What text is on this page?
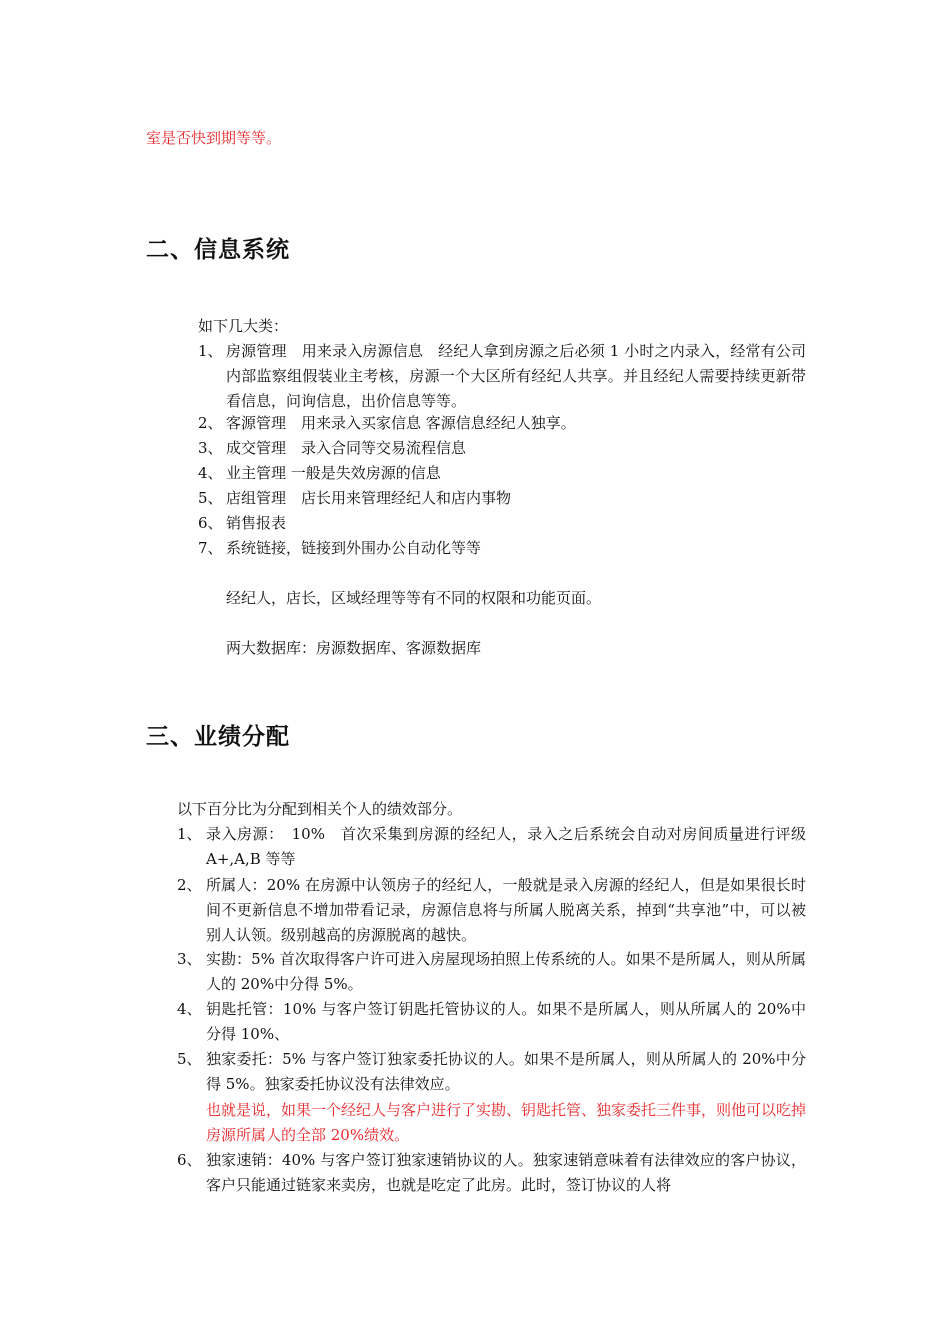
室是否快到期等等。
二、信息系统
如下几大类：
1、 房源管理　用来录入房源信息　经纪人拿到房源之后必须 1 小时之内录入，经常有公司内部监察组假装业主考核，房源一个大区所有经纪人共享。并且经纪人需要持续更新带看信息，问询信息，出价信息等等。
2、 客源管理　用来录入买家信息 客源信息经纪人独享。
3、 成交管理　录入合同等交易流程信息
4、 业主管理 一般是失效房源的信息
5、 店组管理　店长用来管理经纪人和店内事物
6、 销售报表
7、 系统链接，链接到外围办公自动化等等
经纪人，店长，区域经理等等有不同的权限和功能页面。
两大数据库：房源数据库、客源数据库
三、业绩分配
以下百分比为分配到相关个人的绩效部分。
1、 录入房源：　10%　首次采集到房源的经纪人，录入之后系统会自动对房间质量进行评级　A+,A,B 等等
2、 所属人：20% 在房源中认领房子的经纪人，一般就是录入房源的经纪人，但是如果很长时间不更新信息不增加带看记录，房源信息将与所属人脱离关系，掉到“共享池”中，可以被别人认领。级别越高的房源脱离的越快。
3、 实勘：5% 首次取得客户许可进入房屋现场拍照上传系统的人。如果不是所属人，则从所属人的 20%中分得 5%。
4、 钥匙托管：10% 与客户签订钥匙托管协议的人。如果不是所属人，则从所属人的 20%中分得 10%、
5、 独家委托：5% 与客户签订独家委托协议的人。如果不是所属人，则从所属人的 20%中分得 5%。独家委托协议没有法律效应。
也就是说，如果一个经纪人与客户进行了实勘、钥匙托管、独家委托三件事，则他可以吃掉房源所属人的全部 20%绩效。
6、 独家速销：40% 与客户签订独家速销协议的人。独家速销意味着有法律效应的客户协议，客户只能通过链家来卖房，也就是吃定了此房。此时，签订协议的人将
